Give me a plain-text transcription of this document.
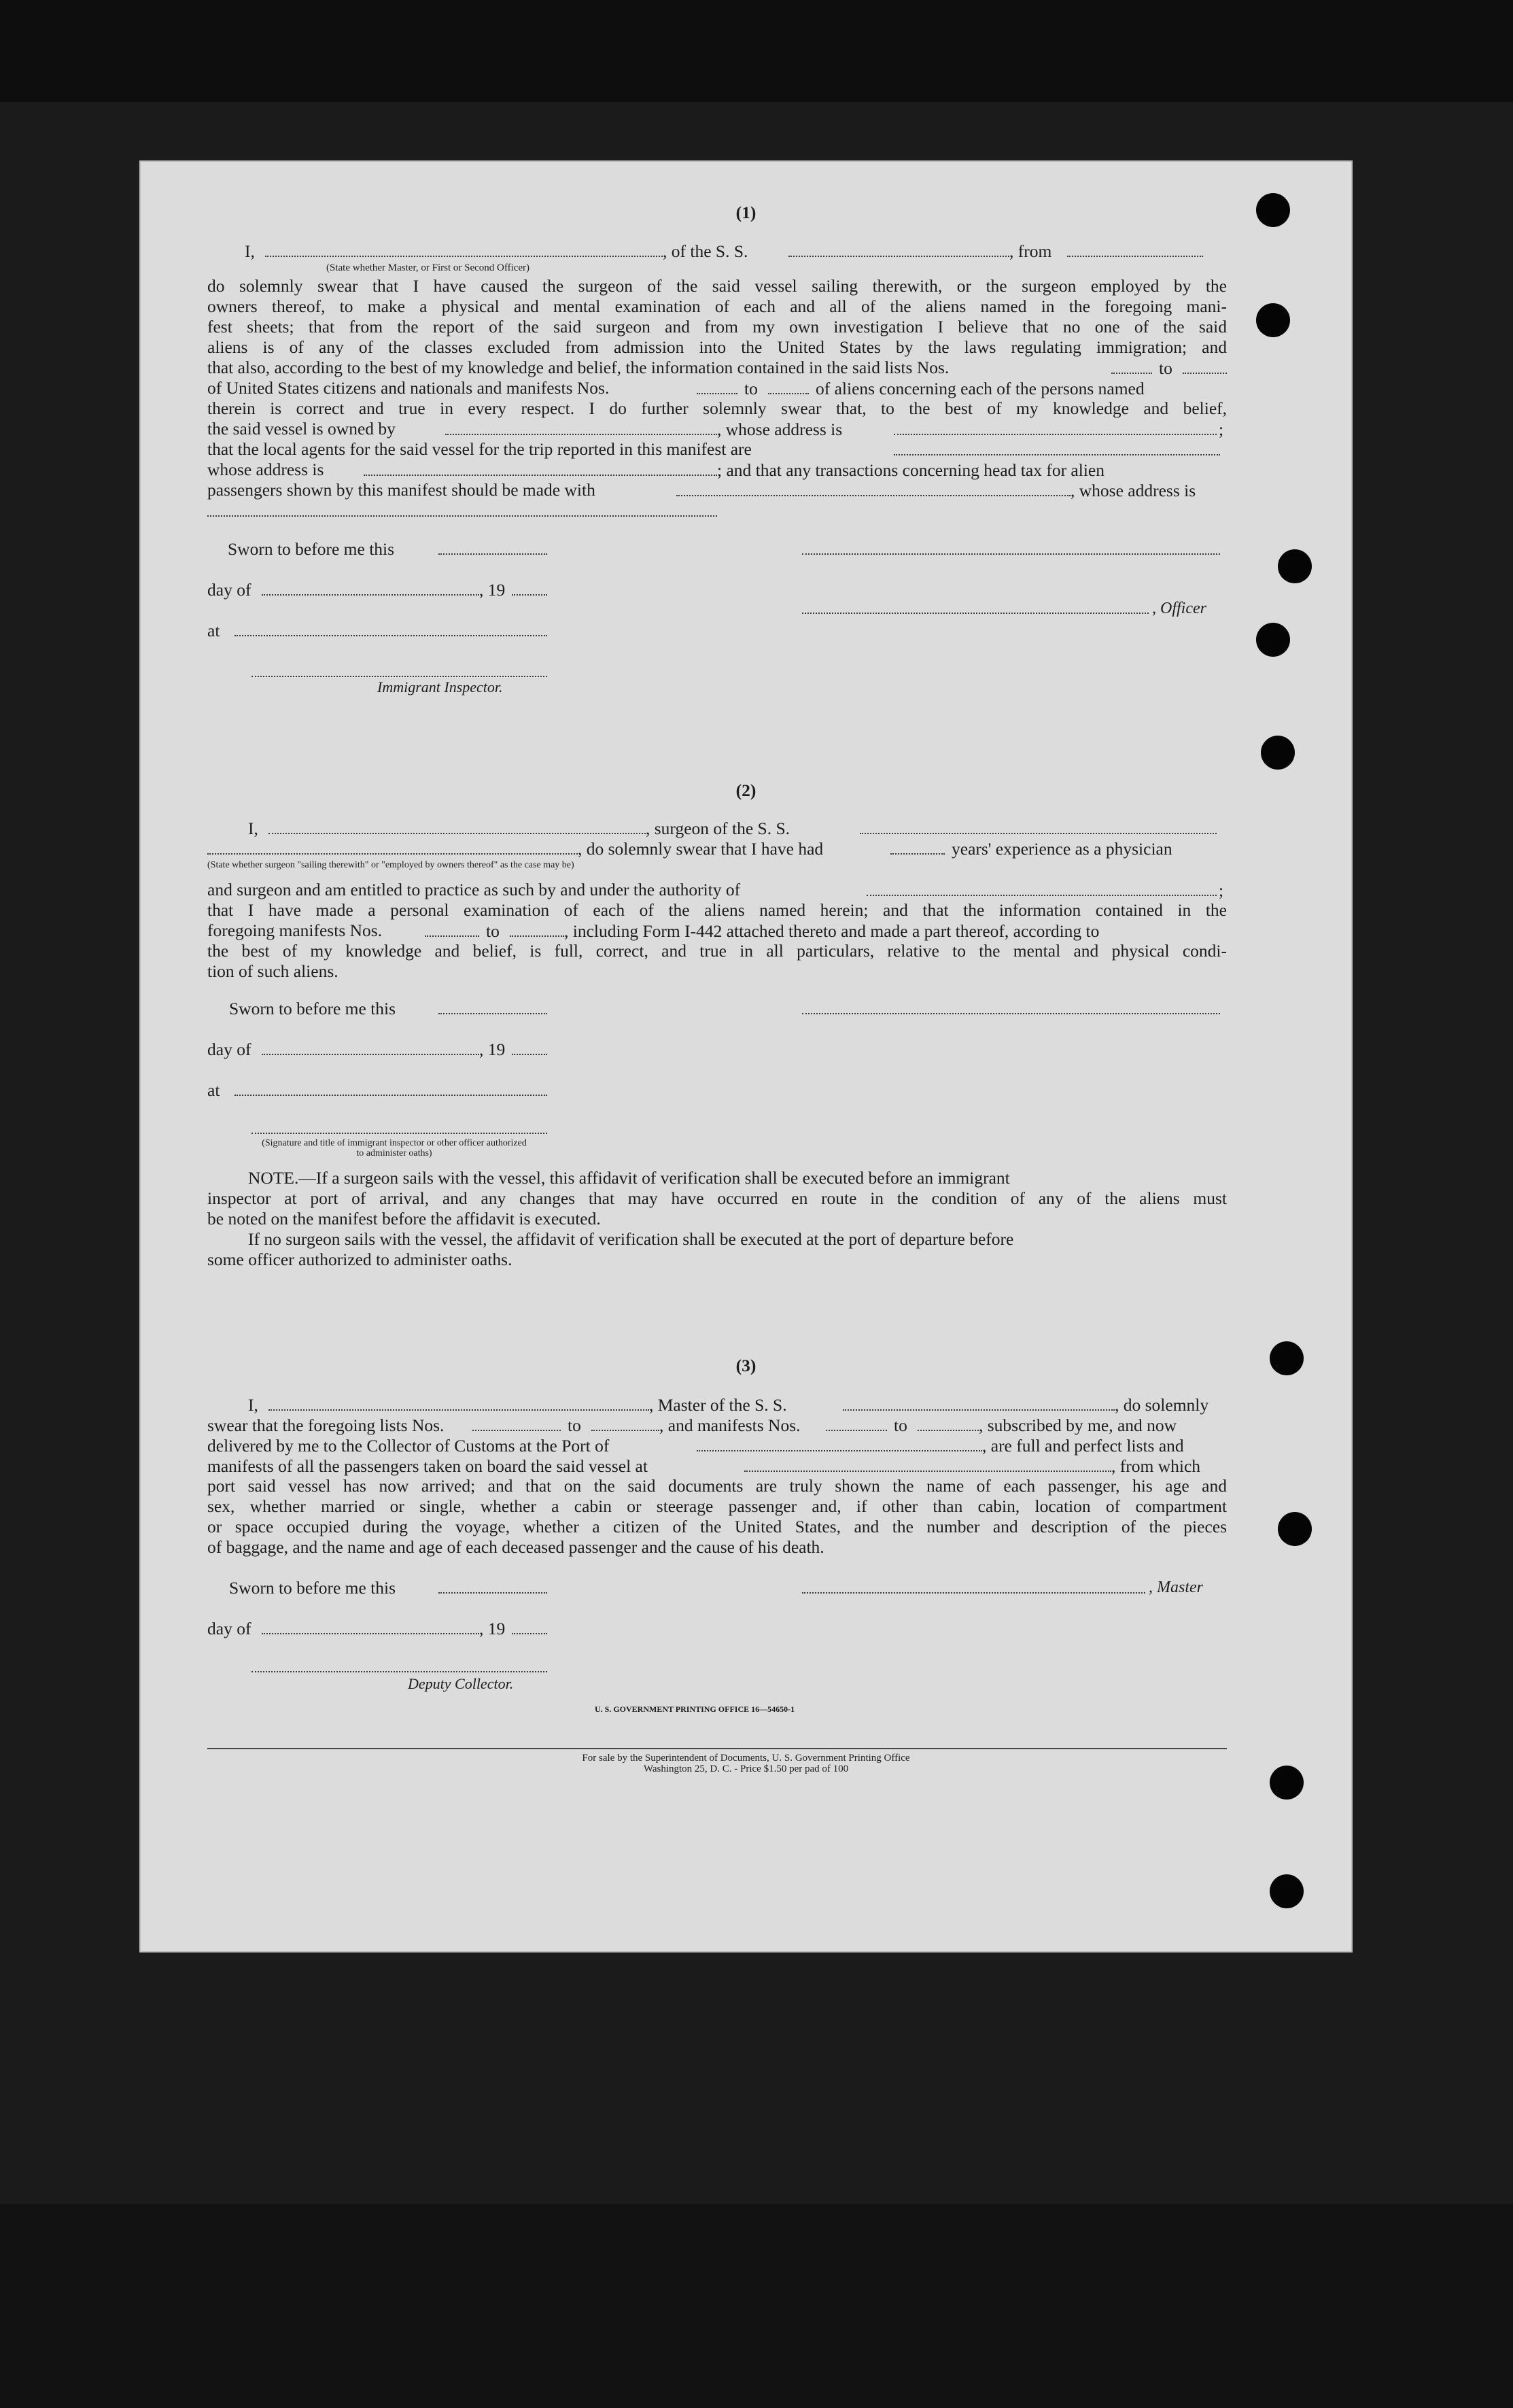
(1)
I,	, of the S. S.	, from
(State whether Master, or First or Second Officer)
do solemnly swear that I have caused the surgeon of the said vessel sailing therewith, or the surgeon employed by the
owners thereof, to make a physical and mental examination of each and all of the aliens named in the foregoing mani-
fest sheets; that from the report of the said surgeon and from my own investigation I believe that no one of the said
aliens is of any of the classes excluded from admission into the United States by the laws regulating immigration; and
that also, according to the best of my knowledge and belief, the information contained in the said lists Nos.	to
of United States citizens and nationals and manifests Nos.	to	of aliens concerning each of the persons named
therein is correct and true in every respect. I do further solemnly swear that, to the best of my knowledge and belief,
the said vessel is owned by	, whose address is	;
that the local agents for the said vessel for the trip reported in this manifest are
whose address is	; and that any transactions concerning head tax for alien
passengers shown by this manifest should be made with	, whose address is
Sworn to before me this
day of	, 19
, Officer
at
Immigrant Inspector.
(2)
I,	, surgeon of the S. S.
, do solemnly swear that I have had	years' experience as a physician
(State whether surgeon "sailing therewith" or "employed by owners thereof" as the case may be)
and surgeon and am entitled to practice as such by and under the authority of	;
that I have made a personal examination of each of the aliens named herein; and that the information contained in the
foregoing manifests Nos.	to	, including Form I-442 attached thereto and made a part thereof, according to
the best of my knowledge and belief, is full, correct, and true in all particulars, relative to the mental and physical condi-
tion of such aliens.
Sworn to before me this
day of	, 19
at
(Signature and title of immigrant inspector or other officer authorized to administer oaths)
NOTE.—If a surgeon sails with the vessel, this affidavit of verification shall be executed before an immigrant
inspector at port of arrival, and any changes that may have occurred en route in the condition of any of the aliens must
be noted on the manifest before the affidavit is executed.
If no surgeon sails with the vessel, the affidavit of verification shall be executed at the port of departure before
some officer authorized to administer oaths.
(3)
I,	, Master of the S. S.	, do solemnly
swear that the foregoing lists Nos.	to	, and manifests Nos.	to	, subscribed by me, and now
delivered by me to the Collector of Customs at the Port of	, are full and perfect lists and
manifests of all the passengers taken on board the said vessel at	, from which
port said vessel has now arrived; and that on the said documents are truly shown the name of each passenger, his age and
sex, whether married or single, whether a cabin or steerage passenger and, if other than cabin, location of compartment
or space occupied during the voyage, whether a citizen of the United States, and the number and description of the pieces
of baggage, and the name and age of each deceased passenger and the cause of his death.
Sworn to before me this	, Master
day of	, 19
Deputy Collector.
U. S. GOVERNMENT PRINTING OFFICE 16—54650-1
For sale by the Superintendent of Documents, U. S. Government Printing Office
Washington 25, D. C. - Price $1.50 per pad of 100
